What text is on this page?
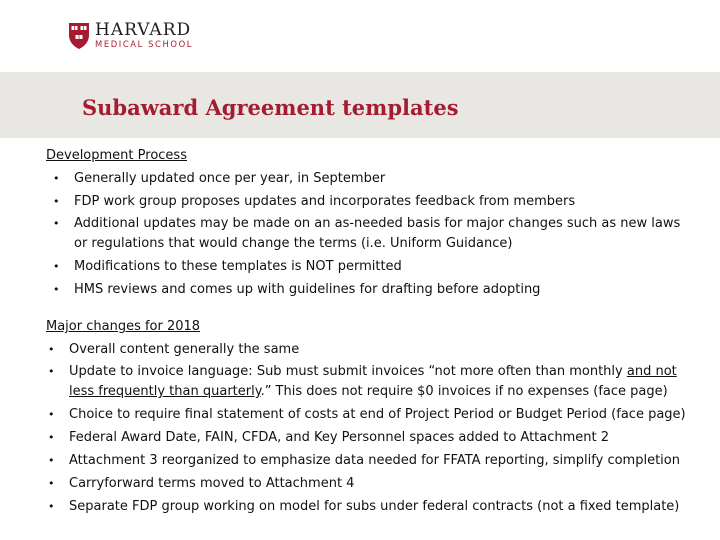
HARVARD
MEDICAL SCHOOL
Subaward Agreement templates
Development Process
• Generally updated once per year, in September
• FDP work group proposes updates and incorporates feedback from members
• Additional updates may be made on an as-needed basis for major changes such as new laws or regulations that would change the terms (i.e. Uniform Guidance)
• Modifications to these templates is NOT permitted
• HMS reviews and comes up with guidelines for drafting before adopting
Major changes for 2018
• Overall content generally the same
• Update to invoice language: Sub must submit invoices “not more often than monthly and not less frequently than quarterly.” This does not require $0 invoices if no expenses (face page)
• Choice to require final statement of costs at end of Project Period or Budget Period (face page)
• Federal Award Date, FAIN, CFDA, and Key Personnel spaces added to Attachment 2
• Attachment 3 reorganized to emphasize data needed for FFATA reporting, simplify completion
• Carryforward terms moved to Attachment 4
• Separate FDP group working on model for subs under federal contracts (not a fixed template)
